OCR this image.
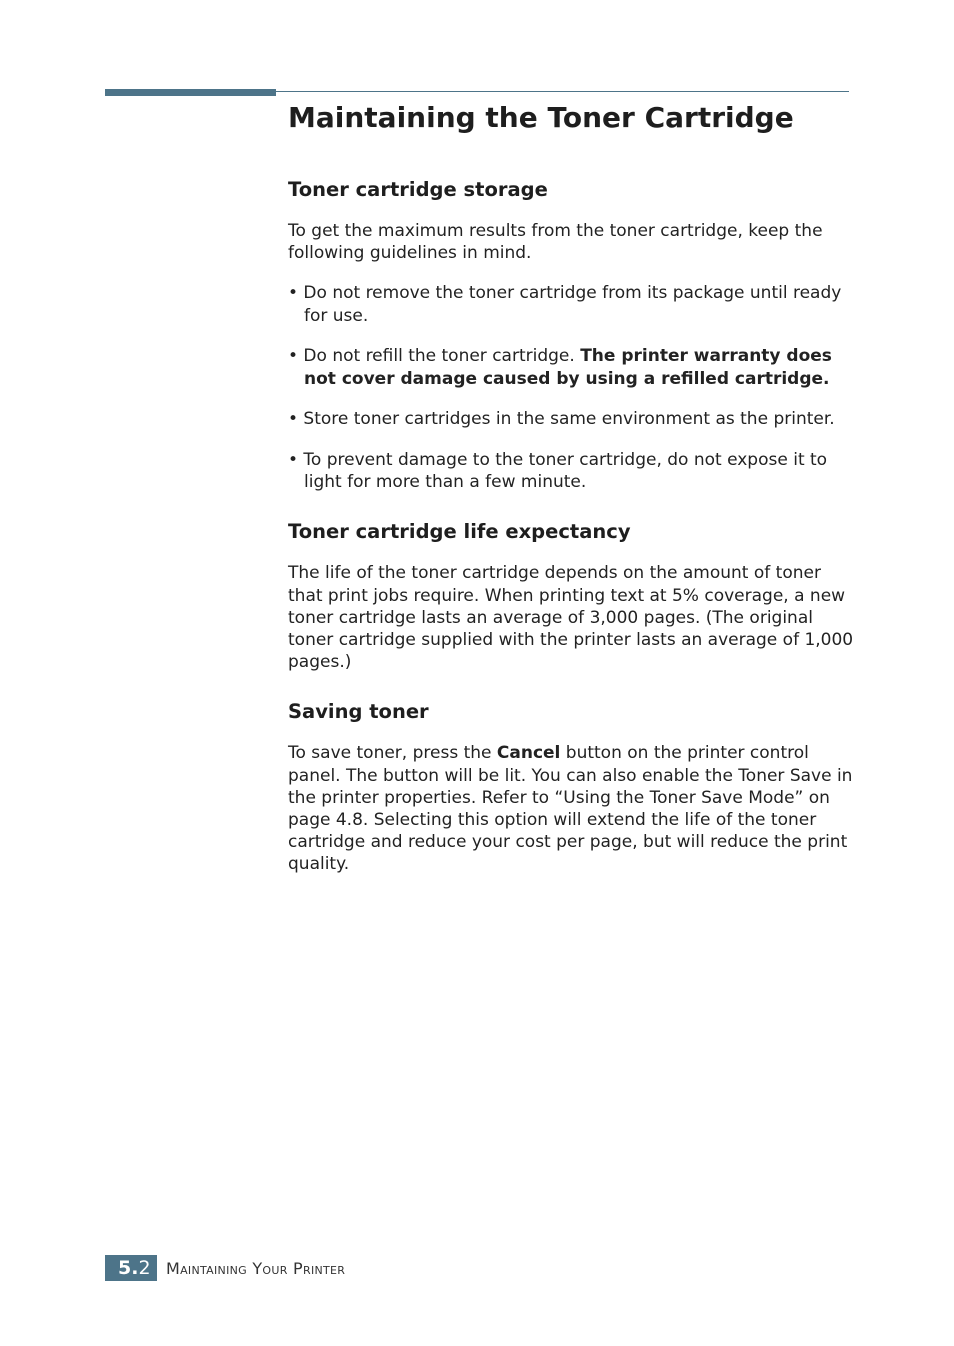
Maintaining the Toner Cartridge
Toner cartridge storage

To get the maximum results from the toner cartridge, keep the following guidelines in mind.

• Do not remove the toner cartridge from its package until ready for use.
• Do not refill the toner cartridge. The printer warranty does not cover damage caused by using a refilled cartridge.
• Store toner cartridges in the same environment as the printer.
• To prevent damage to the toner cartridge, do not expose it to light for more than a few minute.
Toner cartridge life expectancy

The life of the toner cartridge depends on the amount of toner that print jobs require. When printing text at 5% coverage, a new toner cartridge lasts an average of 3,000 pages. (The original toner cartridge supplied with the printer lasts an average of 1,000 pages.)

Saving toner

To save toner, press the Cancel button on the printer control panel. The button will be lit. You can also enable the Toner Save in the printer properties. Refer to “Using the Toner Save Mode” on page 4.8. Selecting this option will extend the life of the toner cartridge and reduce your cost per page, but will reduce the print quality.

5.2 Maintaining Your Printer
